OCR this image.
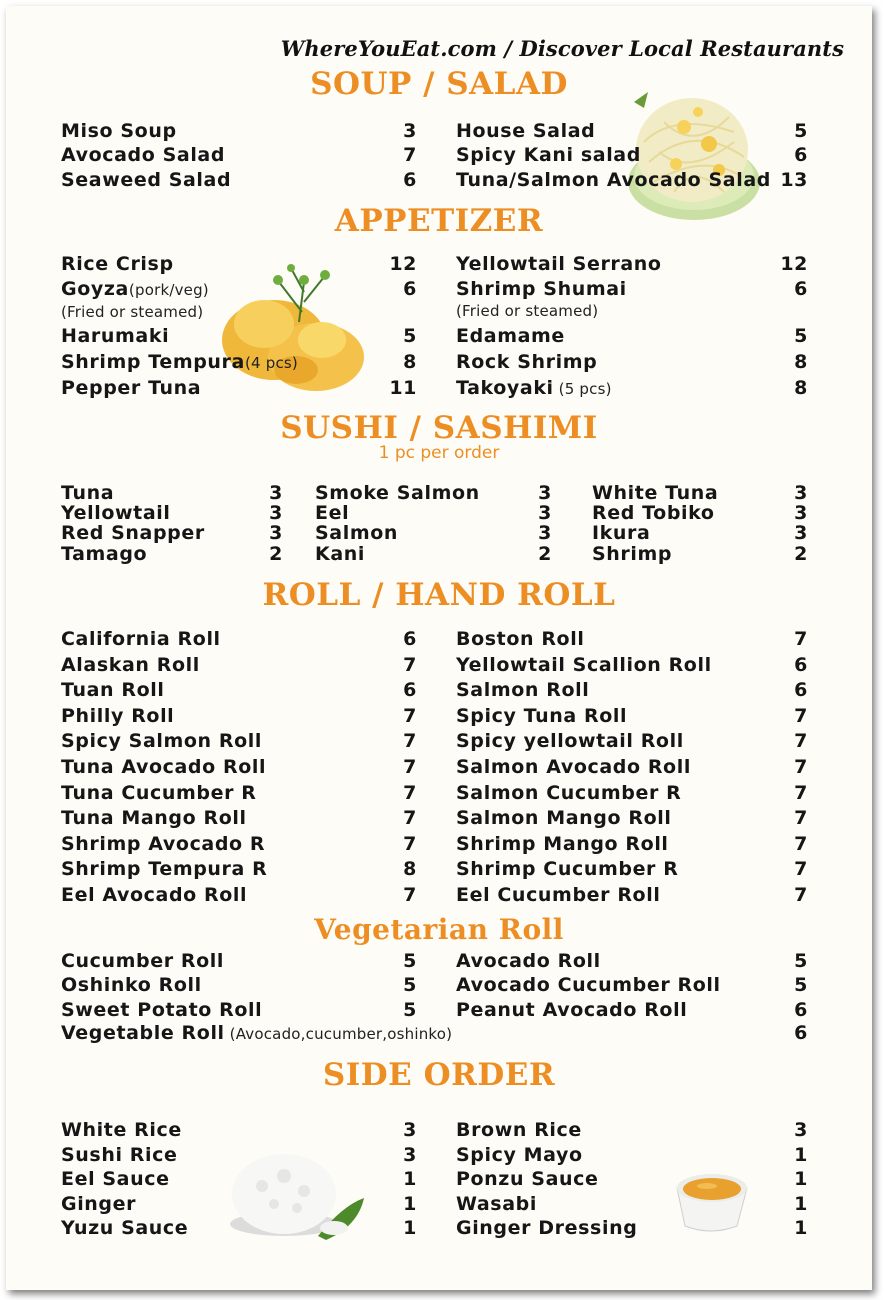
WhereYouEat.com / Discover Local Restaurants
SOUP / SALAD
Miso Soup	3
Avocado Salad	7
Seaweed Salad	6
House Salad	5
Spicy Kani salad	6
Tuna/Salmon Avocado Salad 13
APPETIZER
Rice Crisp	12
Goyza(pork/veg)	6
(Fried or steamed)
Harumaki	5
Shrimp Tempura(4 pcs)	8
Pepper Tuna	11
Yellowtail Serrano	12
Shrimp Shumai	6
(Fried or steamed)
Edamame	5
Rock Shrimp	8
Takoyaki (5 pcs)	8
SUSHI / SASHIMI
1 pc per order
Tuna	3
Yellowtail	3
Red Snapper	3
Tamago	2
Smoke Salmon	3
Eel	3
Salmon	3
Kani	2
White Tuna	3
Red Tobiko	3
Ikura	3
Shrimp	2
ROLL / HAND ROLL
California Roll	6
Alaskan Roll	7
Tuan Roll	6
Philly Roll	7
Spicy Salmon Roll	7
Tuna Avocado Roll	7
Tuna Cucumber R	7
Tuna Mango Roll	7
Shrimp Avocado R	7
Shrimp Tempura R	8
Eel Avocado Roll	7
Boston Roll	7
Yellowtail Scallion Roll	6
Salmon Roll	6
Spicy Tuna Roll	7
Spicy yellowtail Roll	7
Salmon Avocado Roll	7
Salmon Cucumber R	7
Salmon Mango Roll	7
Shrimp Mango Roll	7
Shrimp Cucumber R	7
Eel Cucumber Roll	7
Vegetarian Roll
Cucumber Roll	5
Oshinko Roll	5
Sweet Potato Roll	5
Avocado Roll	5
Avocado Cucumber Roll	5
Peanut Avocado Roll	6
Vegetable Roll (Avocado,cucumber,oshinko)	6
SIDE ORDER
White Rice	3
Sushi Rice	3
Eel Sauce	1
Ginger	1
Yuzu Sauce	1
Brown Rice	3
Spicy Mayo	1
Ponzu Sauce	1
Wasabi	1
Ginger Dressing	1
